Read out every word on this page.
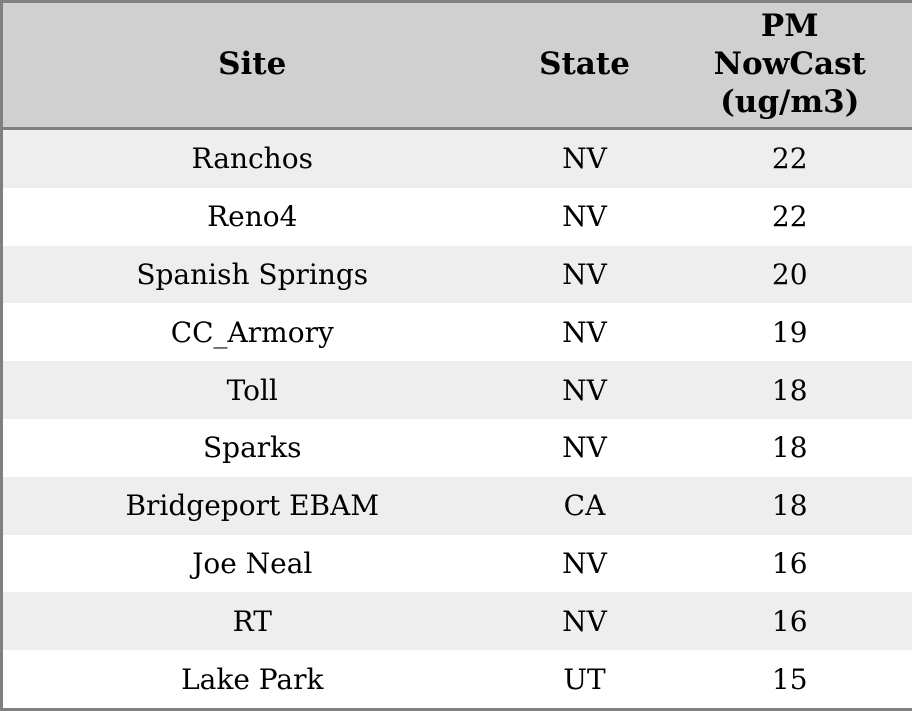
Site	State	PM NowCast (ug/m3)
Ranchos	NV	22
Reno4	NV	22
Spanish Springs	NV	20
CC_Armory	NV	19
Toll	NV	18
Sparks	NV	18
Bridgeport EBAM	CA	18
Joe Neal	NV	16
RT	NV	16
Lake Park	UT	15
